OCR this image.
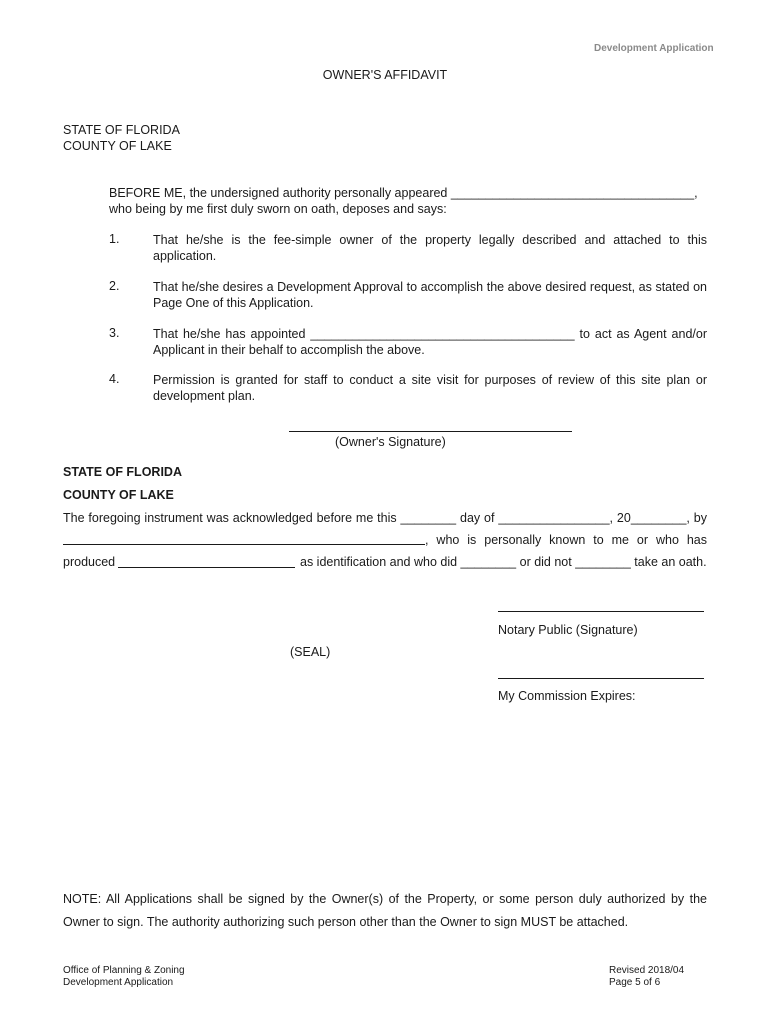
Development Application
OWNER'S AFFIDAVIT
STATE OF FLORIDA
COUNTY OF LAKE
BEFORE ME, the undersigned authority personally appeared ___________________________________,
who being by me first duly sworn on oath, deposes and says:
1.	That he/she is the fee-simple owner of the property legally described and attached to this application.
2.	That he/she desires a Development Approval to accomplish the above desired request, as stated on Page One of this Application.
3.	That he/she has appointed ______________________________________ to act as Agent and/or Applicant in their behalf to accomplish the above.
4.	Permission is granted for staff to conduct a site visit for purposes of review of this site plan or development plan.
(Owner's Signature)
STATE OF FLORIDA
COUNTY OF LAKE
The foregoing instrument was acknowledged before me this ________ day of ________________, 20________, by
, who is personally known to me or who has
produced	as identification and who did ________ or did not ________ take an oath.
Notary Public (Signature)
(SEAL)
My Commission Expires:
NOTE: All Applications shall be signed by the Owner(s) of the Property, or some person duly authorized by the
Owner to sign. The authority authorizing such person other than the Owner to sign MUST be attached.
Office of Planning & Zoning
Development Application
Revised 2018/04
Page 5 of 6
